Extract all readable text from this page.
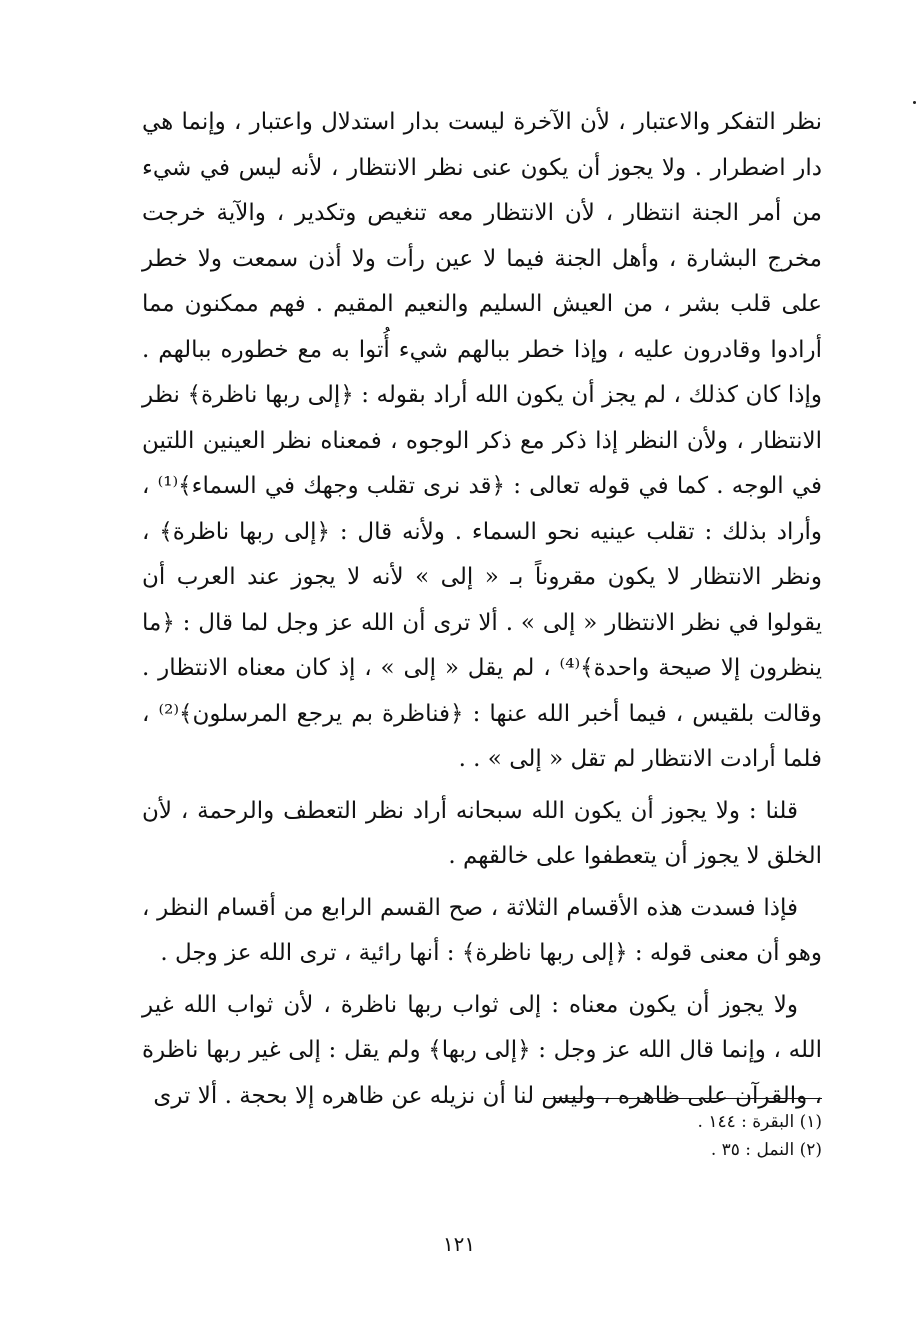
نظر التفكر والاعتبار ، لأن الآخرة ليست بدار استدلال واعتبار ، وإنما هي دار اضطرار . ولا يجوز أن يكون عنى نظر الانتظار ، لأنه ليس في شيء من أمر الجنة انتظار ، لأن الانتظار معه تنغيص وتكدير ، والآية خرجت مخرج البشارة ، وأهل الجنة فيما لا عين رأت ولا أذن سمعت ولا خطر على قلب بشر ، من العيش السليم والنعيم المقيم . فهم ممكنون مما أرادوا وقادرون عليه ، وإذا خطر ببالهم شيء أُتوا به مع خطوره ببالهم . وإذا كان كذلك ، لم يجز أن يكون الله أراد بقوله : ﴿إلى ربها ناظرة﴾ نظر الانتظار ، ولأن النظر إذا ذكر مع ذكر الوجوه ، فمعناه نظر العينين اللتين في الوجه . كما في قوله تعالى : ﴿قد نرى تقلب وجهك في السماء﴾⁽¹⁾ ، وأراد بذلك : تقلب عينيه نحو السماء . ولأنه قال : ﴿إلى ربها ناظرة﴾ ، ونظر الانتظار لا يكون مقروناً بـ « إلى » لأنه لا يجوز عند العرب أن يقولوا في نظر الانتظار « إلى » . ألا ترى أن الله عز وجل لما قال : ﴿ما ينظرون إلا صيحة واحدة﴾⁽⁴⁾ ، لم يقل « إلى » ، إذ كان معناه الانتظار . وقالت بلقيس ، فيما أخبر الله عنها : ﴿فناظرة بم يرجع المرسلون﴾⁽²⁾ ، فلما أرادت الانتظار لم تقل « إلى » . .

قلنا : ولا يجوز أن يكون الله سبحانه أراد نظر التعطف والرحمة ، لأن الخلق لا يجوز أن يتعطفوا على خالقهم .

فإذا فسدت هذه الأقسام الثلاثة ، صح القسم الرابع من أقسام النظر ، وهو أن معنى قوله : ﴿إلى ربها ناظرة﴾ : أنها رائية ، ترى الله عز وجل .

ولا يجوز أن يكون معناه : إلى ثواب ربها ناظرة ، لأن ثواب الله غير الله ، وإنما قال الله عز وجل : ﴿إلى ربها﴾ ولم يقل : إلى غير ربها ناظرة ، والقرآن على ظاهره ، وليس لنا أن نزيله عن ظاهره إلا بحجة . ألا ترى

(١) البقرة : ١٤٤ .

(٢) النمل : ٣٥ .

١٢١
